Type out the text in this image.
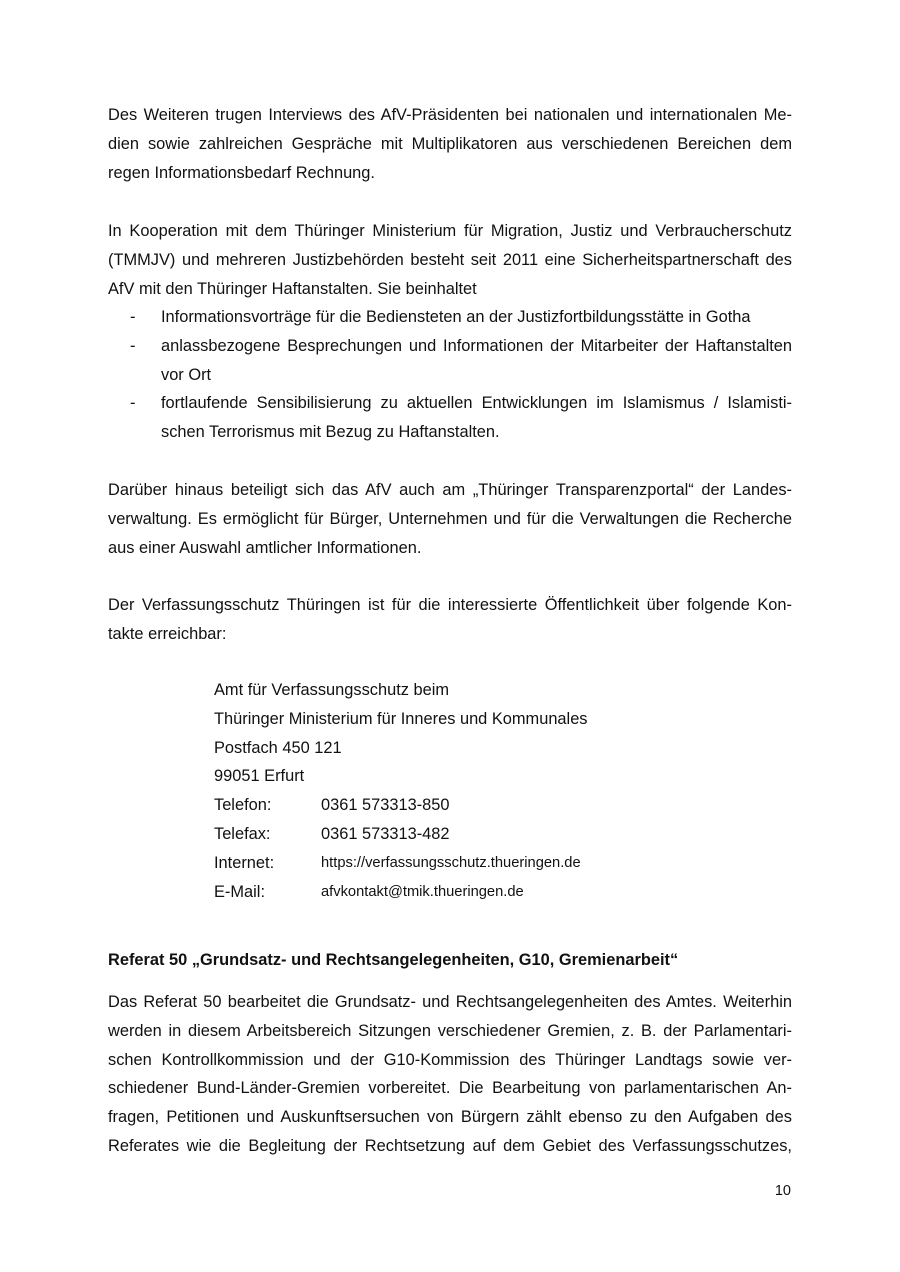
Des Weiteren trugen Interviews des AfV-Präsidenten bei nationalen und internationalen Me-
dien sowie zahlreichen Gespräche mit Multiplikatoren aus verschiedenen Bereichen dem
regen Informationsbedarf Rechnung.
In Kooperation mit dem Thüringer Ministerium für Migration, Justiz und Verbraucherschutz
(TMMJV) und mehreren Justizbehörden besteht seit 2011 eine Sicherheitspartnerschaft des
AfV mit den Thüringer Haftanstalten. Sie beinhaltet
- Informationsvorträge für die Bediensteten an der Justizfortbildungsstätte in Gotha
- anlassbezogene Besprechungen und Informationen der Mitarbeiter der Haftanstalten
vor Ort
- fortlaufende Sensibilisierung zu aktuellen Entwicklungen im Islamismus / Islamisti-
schen Terrorismus mit Bezug zu Haftanstalten.
Darüber hinaus beteiligt sich das AfV auch am „Thüringer Transparenzportal“ der Landes-
verwaltung. Es ermöglicht für Bürger, Unternehmen und für die Verwaltungen die Recherche
aus einer Auswahl amtlicher Informationen.
Der Verfassungsschutz Thüringen ist für die interessierte Öffentlichkeit über folgende Kon-
takte erreichbar:
Amt für Verfassungsschutz beim
Thüringer Ministerium für Inneres und Kommunales
Postfach 450 121
99051 Erfurt
Telefon:	0361 573313-850
Telefax:	0361 573313-482
Internet:	https://verfassungsschutz.thueringen.de
E-Mail:	afvkontakt@tmik.thueringen.de
Referat 50 „Grundsatz- und Rechtsangelegenheiten, G10, Gremienarbeit“
Das Referat 50 bearbeitet die Grundsatz- und Rechtsangelegenheiten des Amtes. Weiterhin
werden in diesem Arbeitsbereich Sitzungen verschiedener Gremien, z. B. der Parlamentari-
schen Kontrollkommission und der G10-Kommission des Thüringer Landtags sowie ver-
schiedener Bund-Länder-Gremien vorbereitet. Die Bearbeitung von parlamentarischen An-
fragen, Petitionen und Auskunftsersuchen von Bürgern zählt ebenso zu den Aufgaben des
Referates wie die Begleitung der Rechtsetzung auf dem Gebiet des Verfassungsschutzes,
10
